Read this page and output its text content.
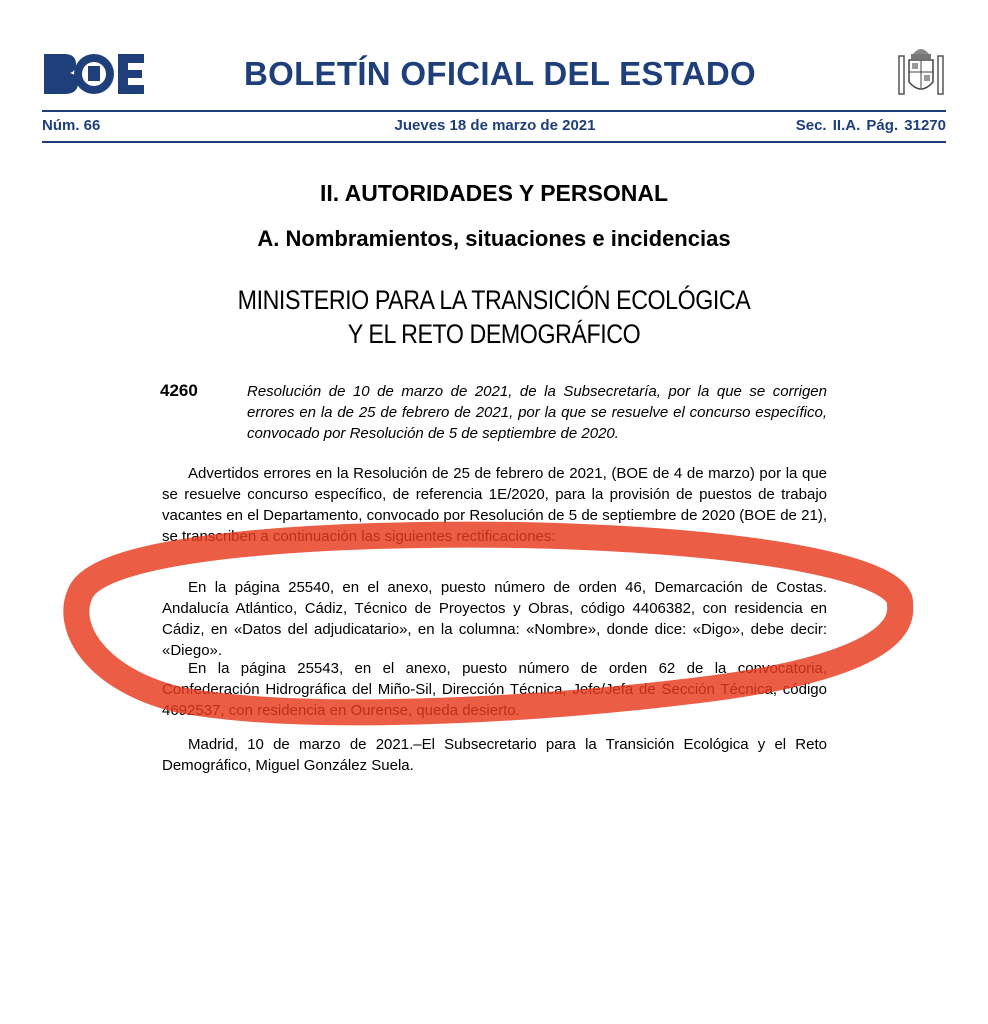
BOLETÍN OFICIAL DEL ESTADO
Núm. 66	Jueves 18 de marzo de 2021	Sec. II.A. Pág. 31270
II. AUTORIDADES Y PERSONAL
A. Nombramientos, situaciones e incidencias
MINISTERIO PARA LA TRANSICIÓN ECOLÓGICA
Y EL RETO DEMOGRÁFICO
4260	Resolución de 10 de marzo de 2021, de la Subsecretaría, por la que se corrigen errores en la de 25 de febrero de 2021, por la que se resuelve el concurso específico, convocado por Resolución de 5 de septiembre de 2020.

Advertidos errores en la Resolución de 25 de febrero de 2021, (BOE de 4 de marzo) por la que se resuelve concurso específico, de referencia 1E/2020, para la provisión de puestos de trabajo vacantes en el Departamento, convocado por Resolución de 5 de septiembre de 2020 (BOE de 21), se transcriben a continuación las siguientes rectificaciones:

En la página 25540, en el anexo, puesto número de orden 46, Demarcación de Costas. Andalucía Atlántico, Cádiz, Técnico de Proyectos y Obras, código 4406382, con residencia en Cádiz, en «Datos del adjudicatario», en la columna: «Nombre», donde dice: «Digo», debe decir: «Diego».

En la página 25543, en el anexo, puesto número de orden 62 de la convocatoria, Confederación Hidrográfica del Miño-Sil, Dirección Técnica, Jefe/Jefa de Sección Técnica, código 4692537, con residencia en Ourense, queda desierto.

Madrid, 10 de marzo de 2021.–El Subsecretario para la Transición Ecológica y el Reto Demográfico, Miguel González Suela.
